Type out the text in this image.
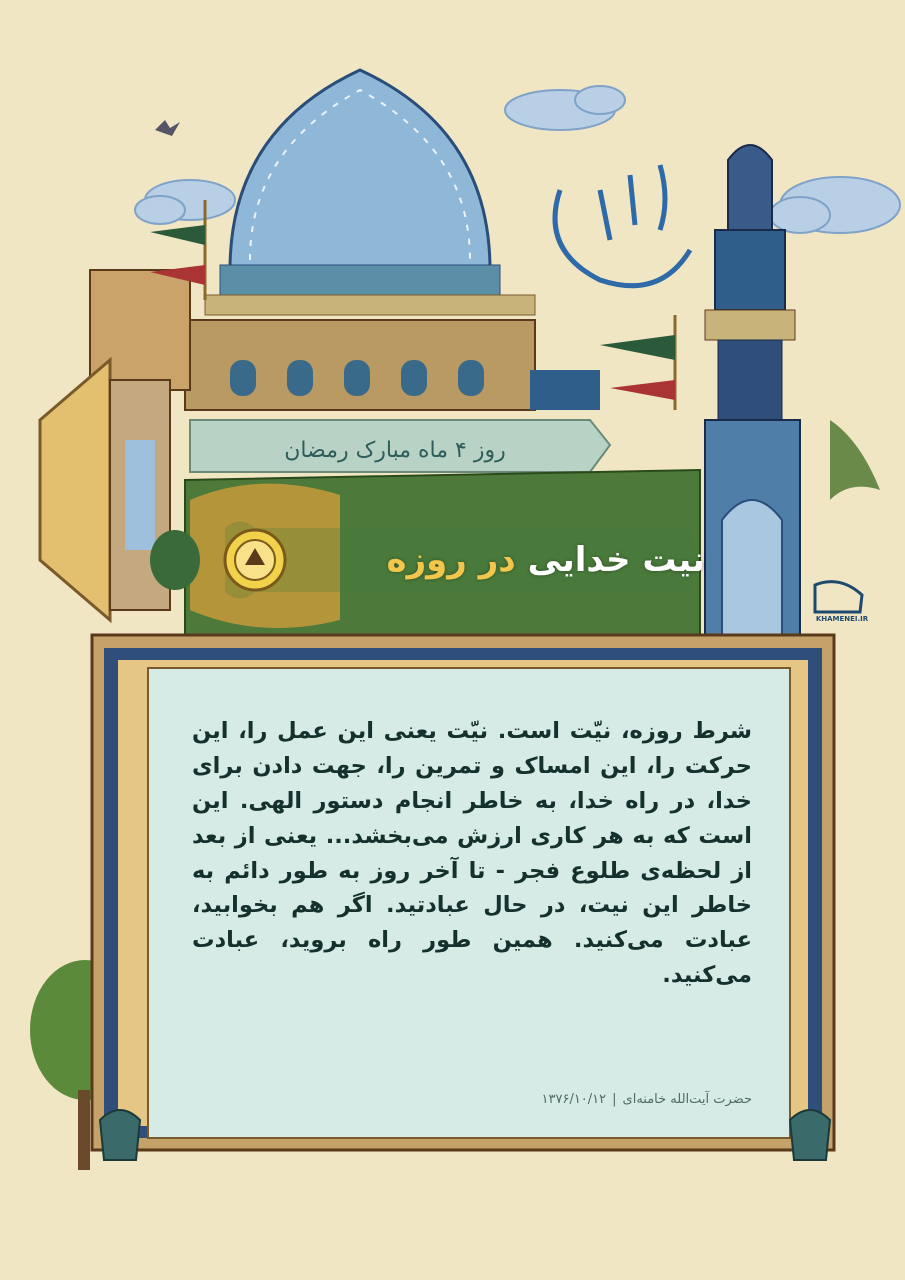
روز ۴ ماه مبارک رمضان
نیت خدایی در روزه
شرط روزه، نیّت است. نیّت یعنی این عمل را، این حرکت را، این امساک و تمرین را، جهت دادن برای خدا، در راه خدا، به خاطر انجام دستور الهی. این است که به هر کاری ارزش می‌بخشد... یعنی از بعد از لحظه‌ی طلوع فجر - تا آخر روز به طور دائم به خاطر این نیت، در حال عبادتید. اگر هم بخوابید، عبادت می‌کنید. همین طور راه بروید، عبادت می‌کنید.
حضرت آیت‌الله خامنه‌ای|۱۳۷۶/۱۰/۱۲
KHAMENEI.IR
